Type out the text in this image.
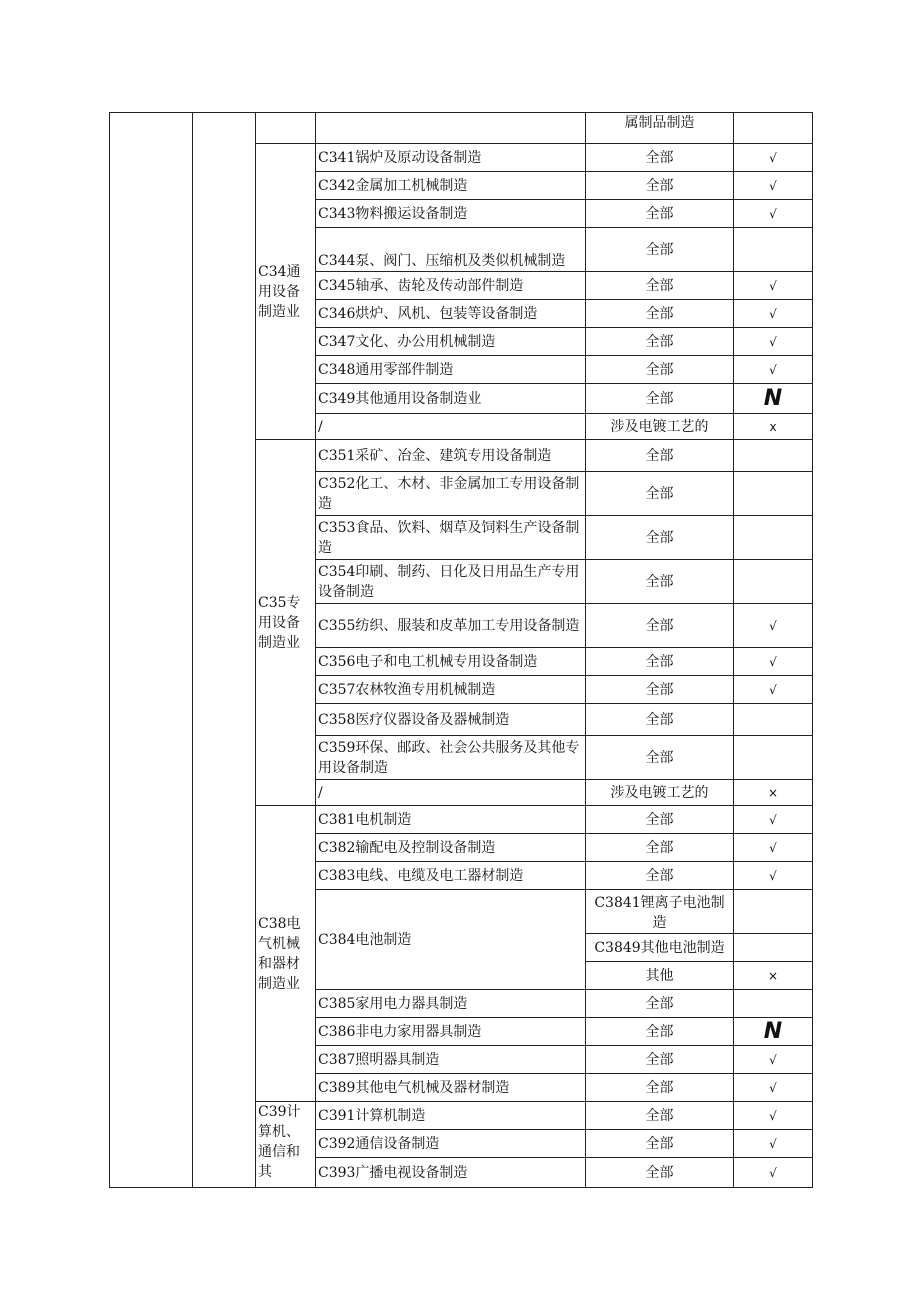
				属制品制造	
		C34通用设备制造业	C341锅炉及原动设备制造	全部	√
			C342金属加工机械制造	全部	√
			C343物料搬运设备制造	全部	√
			C344泵、阀门、压缩机及类似机械制造	全部	
			C345轴承、齿轮及传动部件制造	全部	√
			C346烘炉、风机、包装等设备制造	全部	√
			C347文化、办公用机械制造	全部	√
			C348通用零部件制造	全部	√
			C349其他通用设备制造业	全部	N
			/	涉及电镀工艺的	x
		C35专用设备制造业	C351采矿、冶金、建筑专用设备制造	全部	
			C352化工、木材、非金属加工专用设备制造	全部	
			C353食品、饮料、烟草及饲料生产设备制造	全部	
			C354印刷、制药、日化及日用品生产专用设备制造	全部	
			C355纺织、服装和皮革加工专用设备制造	全部	√
			C356电子和电工机械专用设备制造	全部	√
			C357农林牧渔专用机械制造	全部	√
			C358医疗仪器设备及器械制造	全部	
			C359环保、邮政、社会公共服务及其他专用设备制造	全部	
			/	涉及电镀工艺的	×
		C38电气机械和器材制造业	C381电机制造	全部	√
			C382输配电及控制设备制造	全部	√
			C383电线、电缆及电工器材制造	全部	√
			C384电池制造	C3841锂离子电池制造	
				C3849其他电池制造	
				其他	×
			C385家用电力器具制造	全部	
			C386非电力家用器具制造	全部	N
			C387照明器具制造	全部	√
			C389其他电气机械及器材制造	全部	√
		C39计算机、通信和其	C391计算机制造	全部	√
			C392通信设备制造	全部	√
			C393广播电视设备制造	全部	√
